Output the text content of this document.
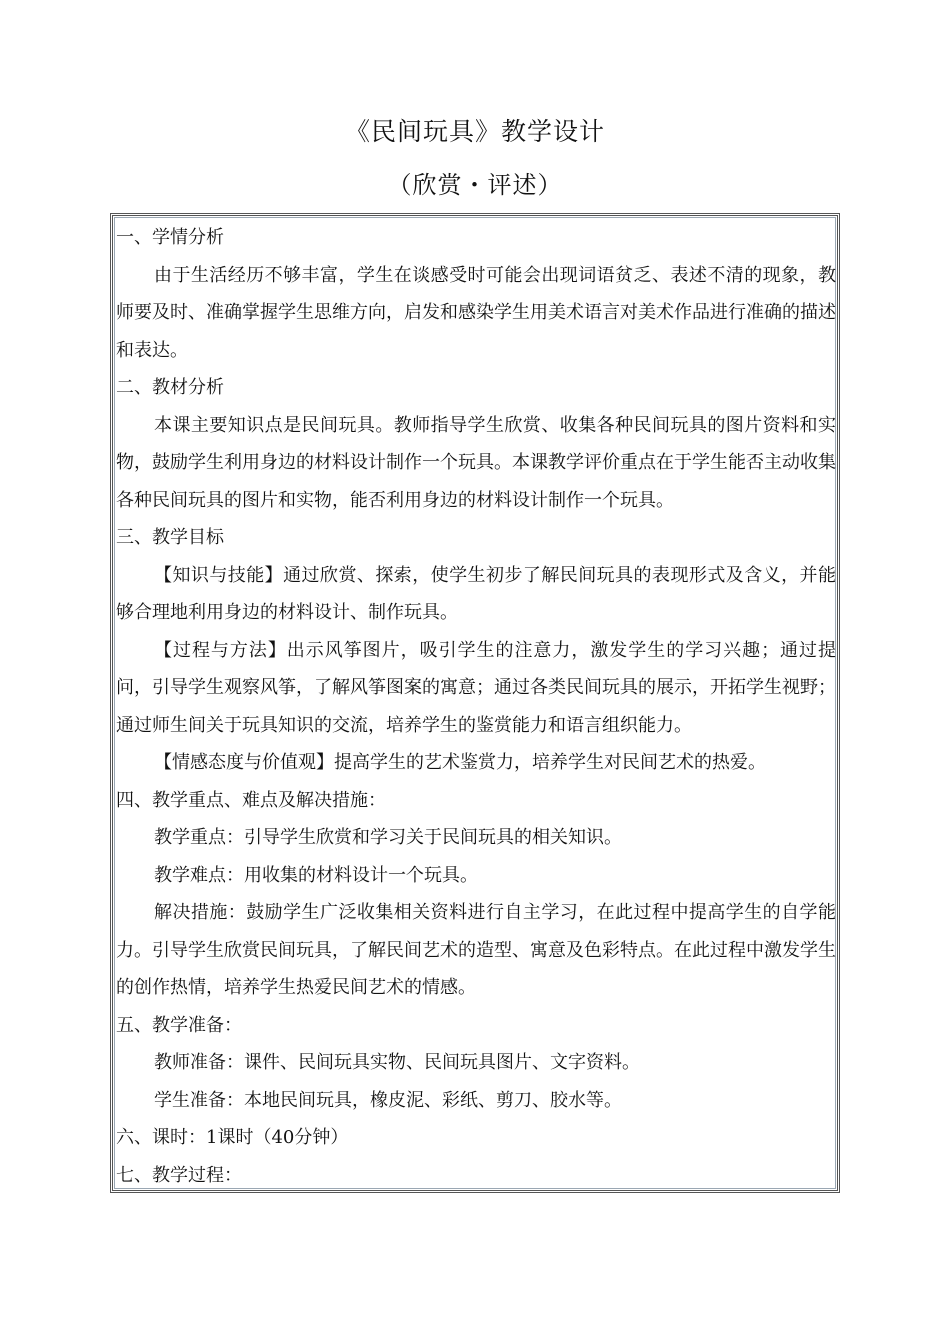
《民间玩具》教学设计
（欣赏・评述）

一、学情分析

由于生活经历不够丰富，学生在谈感受时可能会出现词语贫乏、表述不清的现象，教师要及时、准确掌握学生思维方向，启发和感染学生用美术语言对美术作品进行准确的描述和表达。

二、教材分析

本课主要知识点是民间玩具。教师指导学生欣赏、收集各种民间玩具的图片资料和实物，鼓励学生利用身边的材料设计制作一个玩具。本课教学评价重点在于学生能否主动收集各种民间玩具的图片和实物，能否利用身边的材料设计制作一个玩具。

三、教学目标

【知识与技能】通过欣赏、探索，使学生初步了解民间玩具的表现形式及含义，并能够合理地利用身边的材料设计、制作玩具。

【过程与方法】出示风筝图片，吸引学生的注意力，激发学生的学习兴趣；通过提问，引导学生观察风筝，了解风筝图案的寓意；通过各类民间玩具的展示，开拓学生视野；通过师生间关于玩具知识的交流，培养学生的鉴赏能力和语言组织能力。

【情感态度与价值观】提高学生的艺术鉴赏力，培养学生对民间艺术的热爱。

四、教学重点、难点及解决措施：

教学重点：引导学生欣赏和学习关于民间玩具的相关知识。

教学难点：用收集的材料设计一个玩具。

解决措施：鼓励学生广泛收集相关资料进行自主学习，在此过程中提高学生的自学能力。引导学生欣赏民间玩具，了解民间艺术的造型、寓意及色彩特点。在此过程中激发学生的创作热情，培养学生热爱民间艺术的情感。

五、教学准备：

教师准备：课件、民间玩具实物、民间玩具图片、文字资料。

学生准备：本地民间玩具，橡皮泥、彩纸、剪刀、胶水等。

六、课时：1课时（40分钟）

七、教学过程：
